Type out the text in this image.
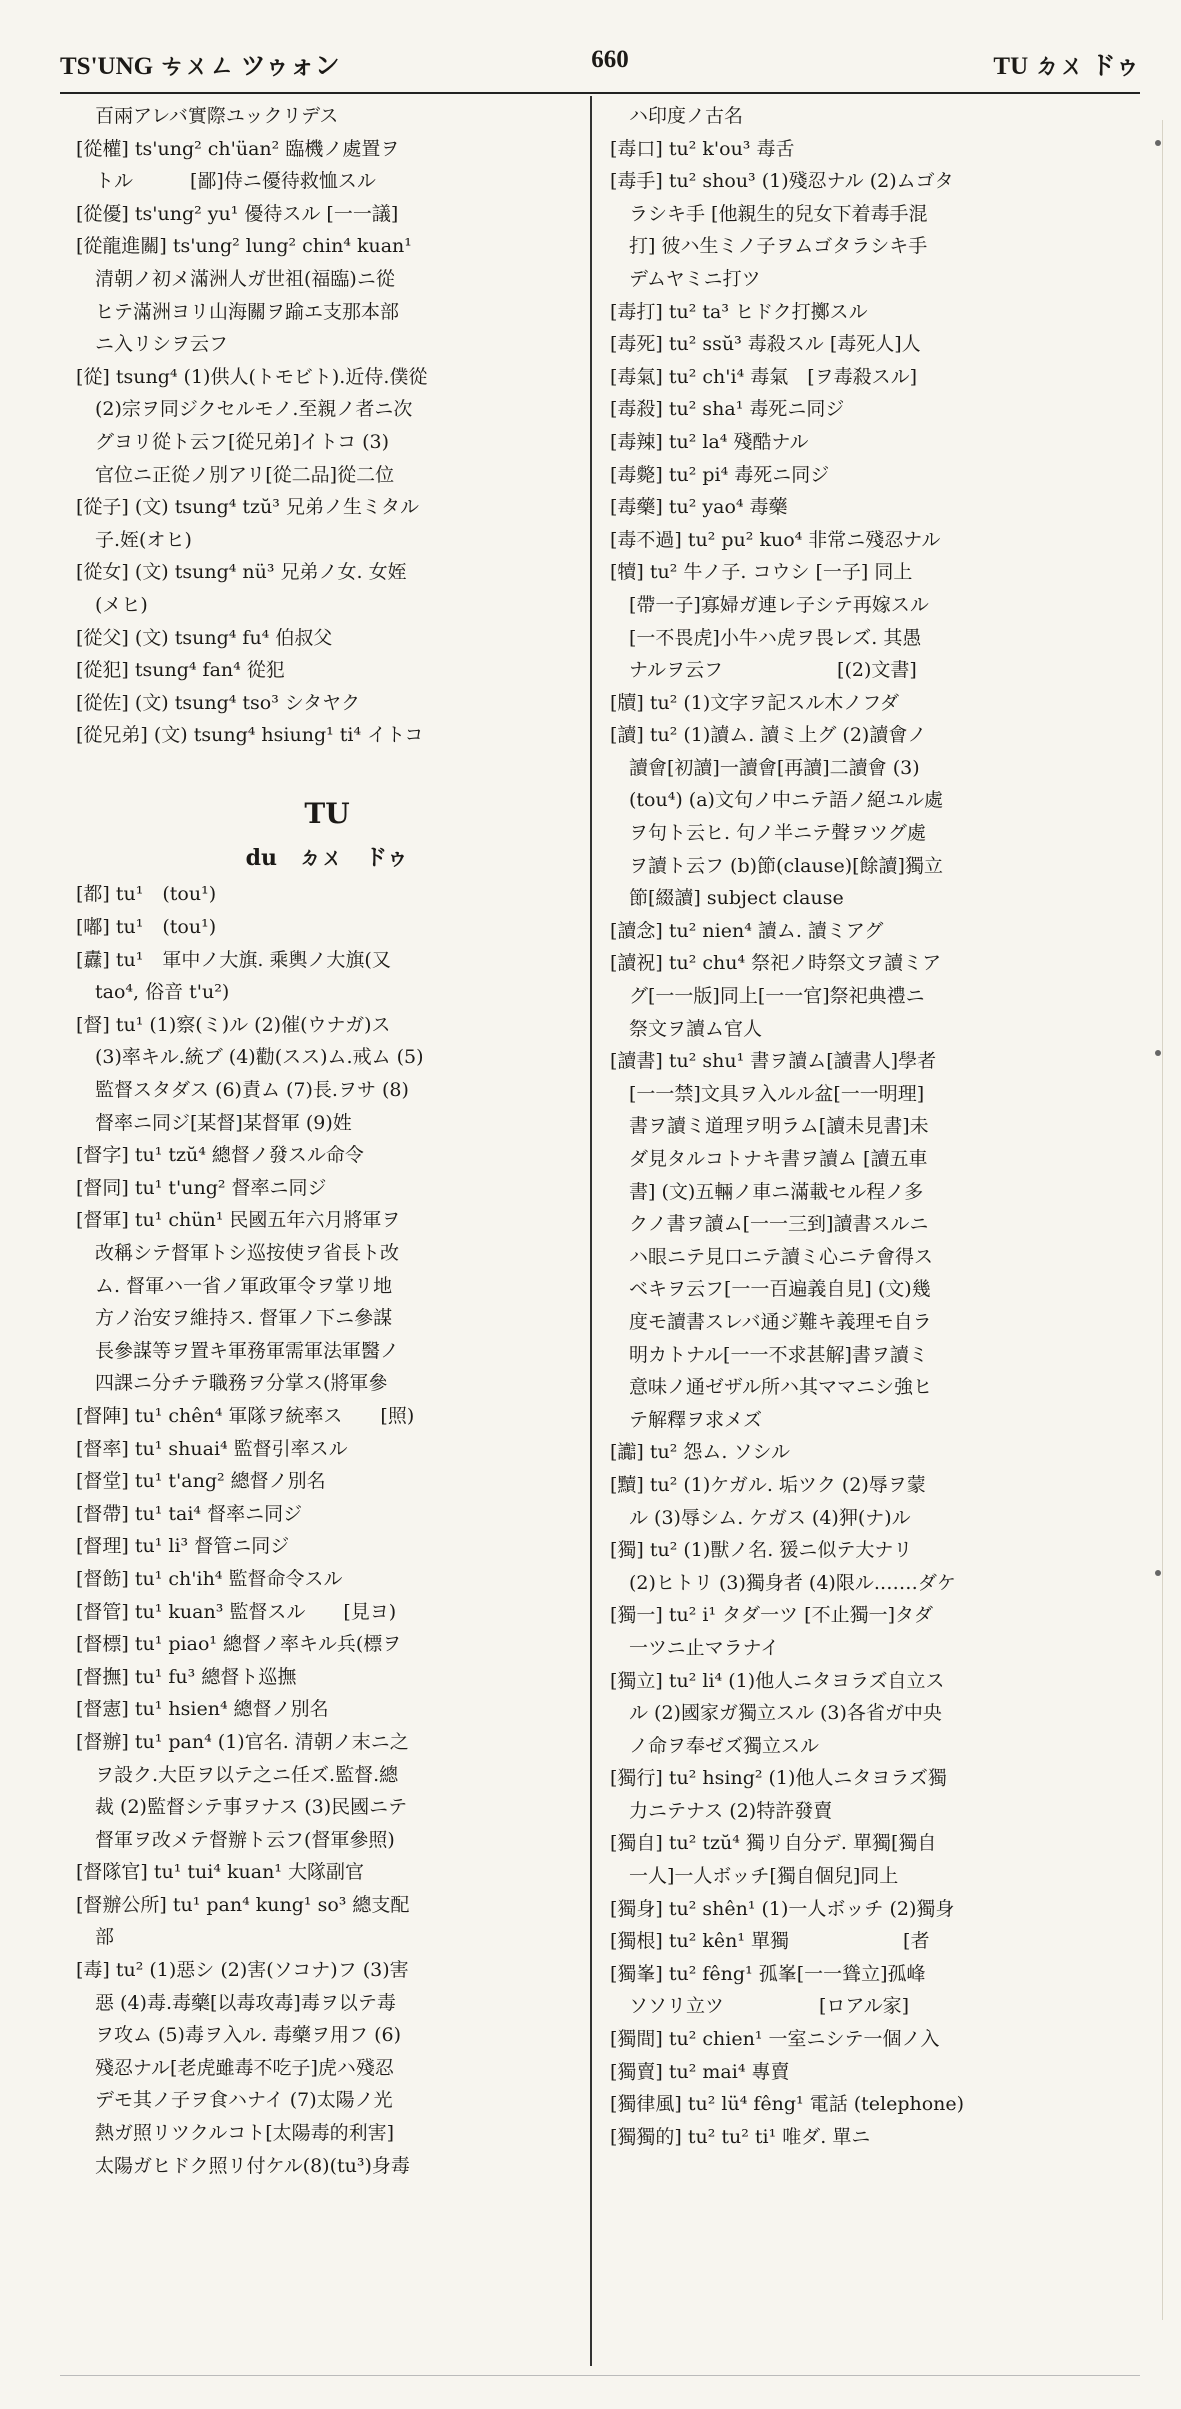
TS'UNG ㄘㄨㄥ ツゥォン	660	TU ㄉㄨ ドゥ
　百兩アレバ實際ユックリデス
[從權] ts'ung² ch'üan² 臨機ノ處置ヲ
　トル　　　[鄙]侍ニ優待救恤スル
[從優] ts'ung² yu¹ 優待スル [一一議]
[從龍進關] ts'ung² lung² chin⁴ kuan¹
　清朝ノ初メ滿洲人ガ世祖(福臨)ニ從
　ヒテ滿洲ヨリ山海關ヲ踰エ支那本部
　ニ入リシヲ云フ
[從] tsung⁴ (1)供人(トモビト).近侍.僕從
　(2)宗ヲ同ジクセルモノ.至親ノ者ニ次
　グヨリ從ト云フ[從兄弟]イトコ (3)
　官位ニ正從ノ別アリ[從二品]從二位
[從子] (文) tsung⁴ tzŭ³ 兄弟ノ生ミタル
　子.姪(オヒ)
[從女] (文) tsung⁴ nü³ 兄弟ノ女. 女姪
　(メヒ)
[從父] (文) tsung⁴ fu⁴ 伯叔父
[從犯] tsung⁴ fan⁴ 從犯
[從佐] (文) tsung⁴ tso³ シタヤク
[從兄弟] (文) tsung⁴ hsiung¹ ti⁴ イトコ
TU
du　ㄉㄨ　ドゥ
[都] tu¹　(tou¹)
[嘟] tu¹　(tou¹)
[纛] tu¹　軍中ノ大旗. 乘輿ノ大旗(又
　tao⁴, 俗音 t'u²)
[督] tu¹ (1)察(ミ)ル (2)催(ウナガ)ス
　(3)率キル.統ブ (4)勸(スス)ム.戒ム (5)
　監督スタダス (6)責ム (7)長.ヲサ (8)
　督率ニ同ジ[某督]某督軍 (9)姓
[督字] tu¹ tzŭ⁴ 總督ノ發スル命令
[督同] tu¹ t'ung² 督率ニ同ジ
[督軍] tu¹ chün¹ 民國五年六月將軍ヲ
　改稱シテ督軍トシ巡按使ヲ省長ト改
　ム. 督軍ハ一省ノ軍政軍令ヲ掌リ地
　方ノ治安ヲ維持ス. 督軍ノ下ニ參謀
　長參謀等ヲ置キ軍務軍需軍法軍醫ノ
　四課ニ分チテ職務ヲ分掌ス(將軍參
[督陣] tu¹ chên⁴ 軍隊ヲ統率ス　　[照)
[督率] tu¹ shuai⁴ 監督引率スル
[督堂] tu¹ t'ang² 總督ノ別名
[督帶] tu¹ tai⁴ 督率ニ同ジ
[督理] tu¹ li³ 督管ニ同ジ
[督飭] tu¹ ch'ih⁴ 監督命令スル
[督管] tu¹ kuan³ 監督スル　　[見ヨ)
[督標] tu¹ piao¹ 總督ノ率キル兵(標ヲ
[督撫] tu¹ fu³ 總督ト巡撫
[督憲] tu¹ hsien⁴ 總督ノ別名
[督辦] tu¹ pan⁴ (1)官名. 清朝ノ末ニ之
　ヲ設ク.大臣ヲ以テ之ニ任ズ.監督.總
　裁 (2)監督シテ事ヲナス (3)民國ニテ
　督軍ヲ改メテ督辦ト云フ(督軍參照)
[督隊官] tu¹ tui⁴ kuan¹ 大隊副官
[督辦公所] tu¹ pan⁴ kung¹ so³ 總支配
　部
[毒] tu² (1)惡シ (2)害(ソコナ)フ (3)害
　惡 (4)毒.毒藥[以毒攻毒]毒ヲ以テ毒
　ヲ攻ム (5)毒ヲ入ル. 毒藥ヲ用フ (6)
　殘忍ナル[老虎雖毒不吃子]虎ハ殘忍
　デモ其ノ子ヲ食ハナイ (7)太陽ノ光
　熱ガ照リツクルコト[太陽毒的利害]
　太陽ガヒドク照リ付ケル(8)(tu³)身毒
　ハ印度ノ古名
[毒口] tu² k'ou³ 毒舌
[毒手] tu² shou³ (1)殘忍ナル (2)ムゴタ
　ラシキ手 [他親生的兒女下着毒手混
　打] 彼ハ生ミノ子ヲムゴタラシキ手
　デムヤミニ打ツ
[毒打] tu² ta³ ヒドク打擲スル
[毒死] tu² ssŭ³ 毒殺スル [毒死人]人
[毒氣] tu² ch'i⁴ 毒氣　[ヲ毒殺スル]
[毒殺] tu² sha¹ 毒死ニ同ジ
[毒辣] tu² la⁴ 殘酷ナル
[毒斃] tu² pi⁴ 毒死ニ同ジ
[毒藥] tu² yao⁴ 毒藥
[毒不過] tu² pu² kuo⁴ 非常ニ殘忍ナル
[犢] tu² 牛ノ子. コウシ [一子] 同上
　[帶一子]寡婦ガ連レ子シテ再嫁スル
　[一不畏虎]小牛ハ虎ヲ畏レズ. 其愚
　ナルヲ云フ　　　　　　[(2)文書]
[牘] tu² (1)文字ヲ記スル木ノフダ
[讀] tu² (1)讀ム. 讀ミ上グ (2)讀會ノ
　讀會[初讀]一讀會[再讀]二讀會 (3)
　(tou⁴) (a)文句ノ中ニテ語ノ絕ユル處
　ヲ句ト云ヒ. 句ノ半ニテ聲ヲツグ處
　ヲ讀ト云フ (b)節(clause)[餘讀]獨立
　節[綴讀] subject clause
[讀念] tu² nien⁴ 讀ム. 讀ミアグ
[讀祝] tu² chu⁴ 祭祀ノ時祭文ヲ讀ミア
　グ[一一版]同上[一一官]祭祀典禮ニ
　祭文ヲ讀ム官人
[讀書] tu² shu¹ 書ヲ讀ム[讀書人]學者
　[一一禁]文具ヲ入ルル盆[一一明理]
　書ヲ讀ミ道理ヲ明ラム[讀未見書]未
　ダ見タルコトナキ書ヲ讀ム [讀五車
　書] (文)五輛ノ車ニ滿載セル程ノ多
　クノ書ヲ讀ム[一一三到]讀書スルニ
　ハ眼ニテ見口ニテ讀ミ心ニテ會得ス
　ベキヲ云フ[一一百遍義自見] (文)幾
　度モ讀書スレバ通ジ難キ義理モ自ラ
　明カトナル[一一不求甚解]書ヲ讀ミ
　意味ノ通ゼザル所ハ其ママニシ強ヒ
　テ解釋ヲ求メズ
[讟] tu² 怨ム. ソシル
[黷] tu² (1)ケガル. 垢ツク (2)辱ヲ蒙
　ル (3)辱シム. ケガス (4)狎(ナ)ル
[獨] tu² (1)獸ノ名. 猨ニ似テ大ナリ
　(2)ヒトリ (3)獨身者 (4)限ル.……ダケ
[獨一] tu² i¹ タダ一ツ [不止獨一]タダ
　一ツニ止マラナイ
[獨立] tu² li⁴ (1)他人ニタヨラズ自立ス
　ル (2)國家ガ獨立スル (3)各省ガ中央
　ノ命ヲ奉ゼズ獨立スル
[獨行] tu² hsing² (1)他人ニタヨラズ獨
　力ニテナス (2)特許發賣
[獨自] tu² tzŭ⁴ 獨リ自分デ. 單獨[獨自
　一人]一人ボッチ[獨自個兒]同上
[獨身] tu² shên¹ (1)一人ボッチ (2)獨身
[獨根] tu² kên¹ 單獨　　　　　　[者
[獨峯] tu² fêng¹ 孤峯[一一聳立]孤峰
　ソソリ立ツ　　　　　[ロアル家]
[獨間] tu² chien¹ 一室ニシテ一個ノ入
[獨賣] tu² mai⁴ 專賣
[獨律風] tu² lü⁴ fêng¹ 電話 (telephone)
[獨獨的] tu² tu² ti¹ 唯ダ. 單ニ
